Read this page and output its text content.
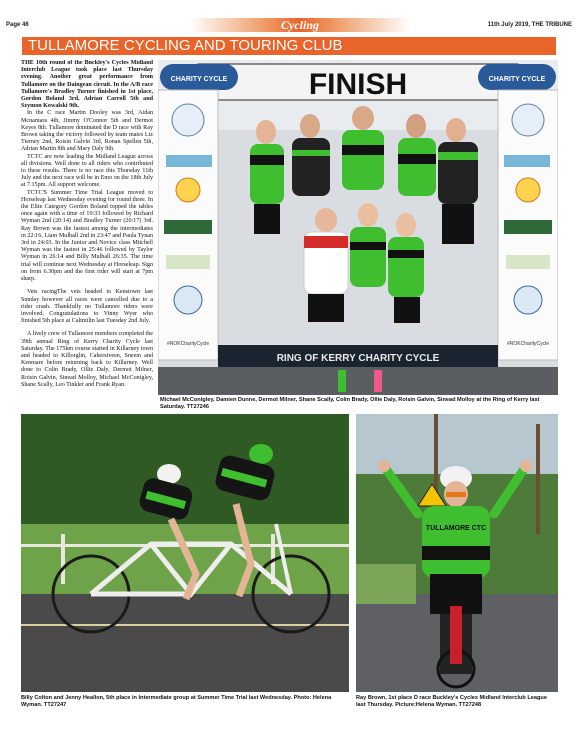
Page 46	Cycling	11th July 2019, THE TRIBUNE
TULLAMORE CYCLING AND TOURING CLUB

THE 10th round of the Buckley's Cycles Midland Interclub League took place last Thursday evening. Another great performance from Tullamore on the Daingean circuit. In the A/B race Tullamore's Bradley Turner finished in 1st place, Gordon Boland 3rd, Adrian Carroll 5th and Szymon Kowalski 9th.

In the C race Martin Dooley was 3rd, Aidan Mcnamara 4th, Jimmy O'Connor 5th and Dermot Keyes 8th. Tullamore dominated the D race with Ray Brown taking the victory followed by team mates Liz Tierney 2nd, Roisin Galvin 3rd, Ronan Spellen 5th, Adrian Martin 8th and Mary Daly 9th.

TCTC are now leading the Midland League across all divisions. Well done to all riders who contributed to these results. There is no race this Thursday 11th July and the next race will be in Emo on the 18th July at 7.15pm. All support welcome.

TCTC'S Summer Time Trial League moved to Horseleap last Wednesday evening for round three. In the Elite Category Gordon Boland topped the tables once again with a time of 19:33 followed by Richard Wyman 2nd (20:14) and Bradley Turner (20:17) 3rd. Ray Brown was the fastest among the intermediates in 22:16, Liam Mulhall 2nd in 23:47 and Paula Tynan 3rd in 24:03. In the Junior and Novice class Mitchell Wyman was the fastest in 25:46 followed by Taylor Wyman in 26:14 and Billy Mulhall 26:35. The time trial will continue next Wednesday at Horseleap. Sign on from 6.30pm and the first rider will start at 7pm sharp.

Vets racingThe vets headed to Kenstown last Sunday however all races were cancelled due to a rider crash. Thankfully no Tullamore riders were involved. Congratulations to Vinny Wyer who finished 5th place at Caltmilin last Tuesday 2nd July.

A lively crew of Tullamore members completed the 39th annual Ring of Kerry Charity Cycle last Saturday. The 175km course started in Killarney town and headed to Killorglin, Cahersiveen, Sneem and Kenmare before returning back to Killarney. Well done to Colin Brady, Ollie Daly, Dermot Milner, Roisin Galvin, Sinead Molloy, Michael McConigley, Shane Scally, Leo Tinkler and Frank Ryan.

FINISH
CHARITY CYCLE	CHARITY CYCLE
#ROKCharityCycle	#ROKCharityCycle
RING OF KERRY CHARITY CYCLE
Michael McConigley, Damien Dunne, Dermot Milner, Shane Scally, Colin Brady, Ollie Daly, Roisin Galvin, Sinead Molloy at the Ring of Kerry last Saturday. TT27246
Billy Colton and Jenny Heallon, 5th place in Intermediate group at Summer Time Trial last Wednesday. Photo: Helena Wyman. TT27247
TULLAMORE CTC
Ray Brown, 1st place D race Buckley's Cycles Midland Interclub League last Thursday. Picture:Helena Wyman. TT27248
